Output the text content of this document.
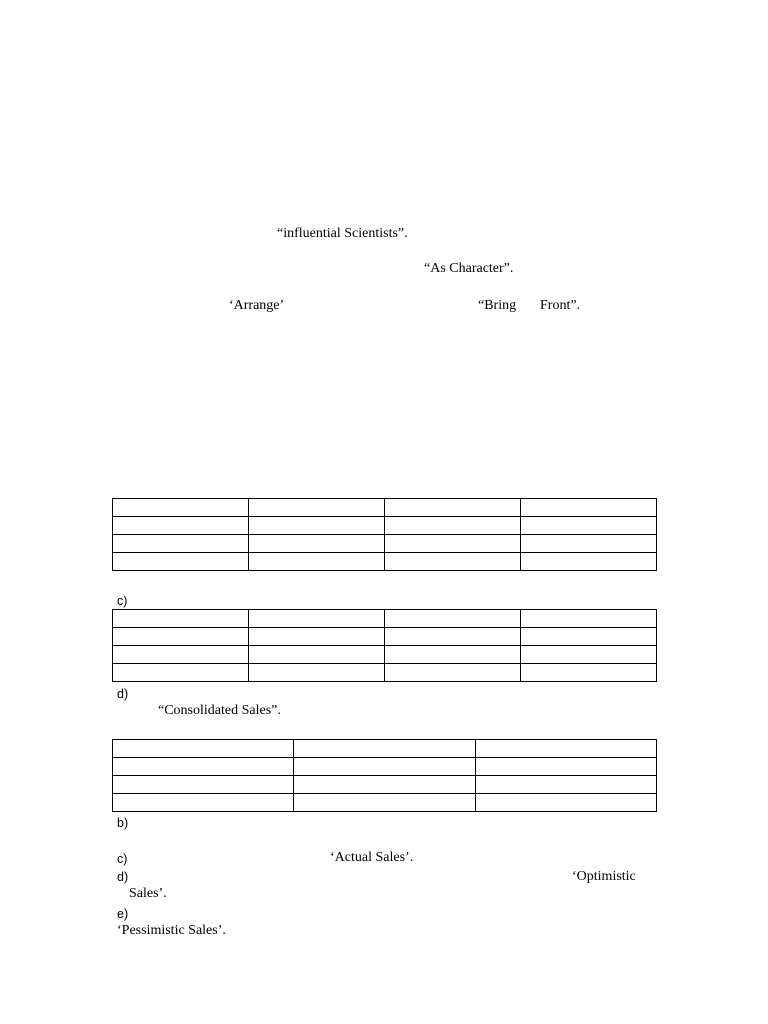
“influential Scientists”.
“As Character”.
‘Arrange’	“Bring Front”.

c)

d)
“Consolidated Sales”.

b)
c)	‘Actual Sales’.
d)	‘Optimistic
Sales’.
e)
‘Pessimistic Sales’.
